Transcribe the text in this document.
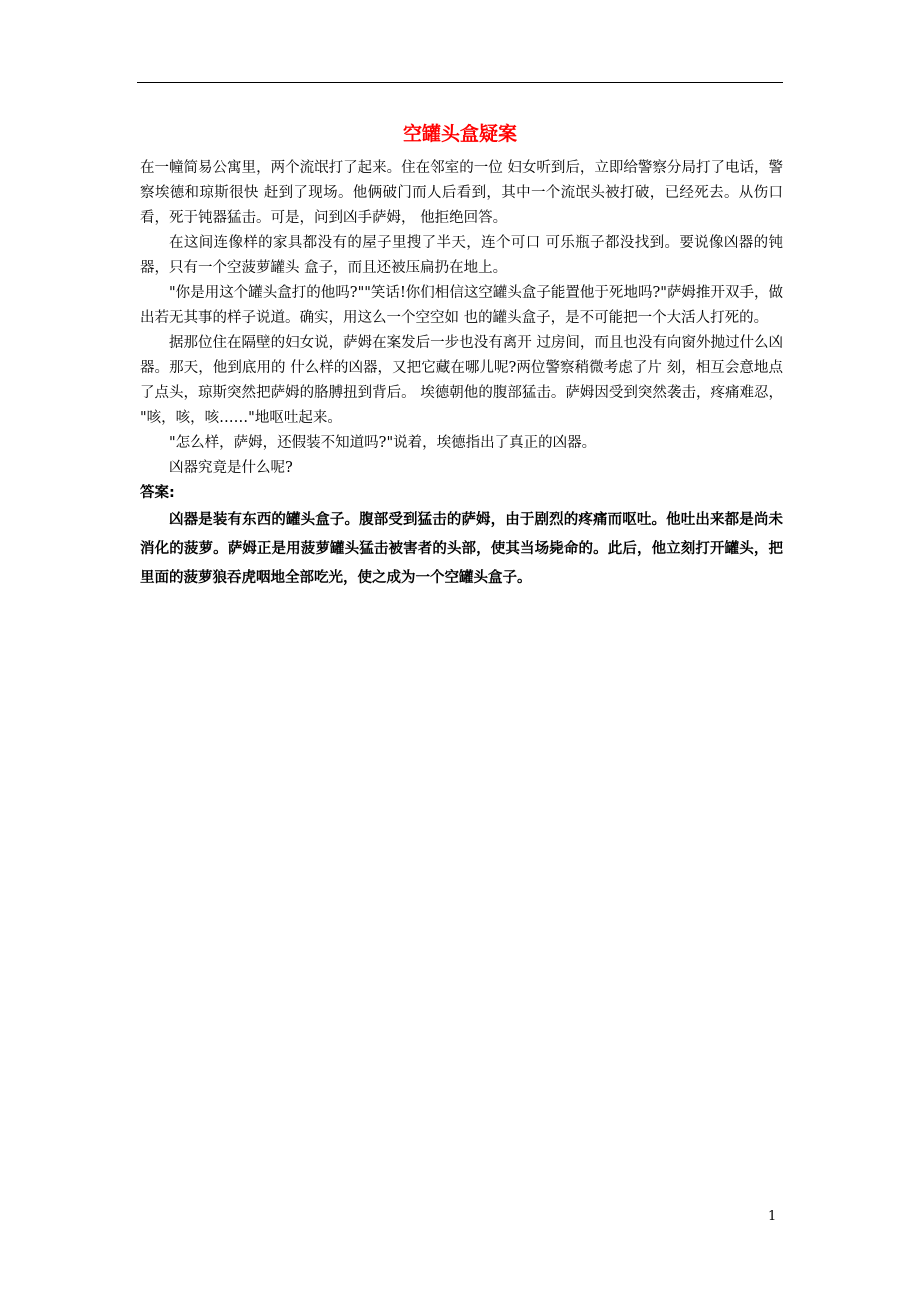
空罐头盒疑案

在一幢简易公寓里，两个流氓打了起来。住在邻室的一位 妇女听到后，立即给警察分局打了电话，警察埃德和琼斯很快 赶到了现场。他俩破门而人后看到，其中一个流氓头被打破，已经死去。从伤口看，死于钝器猛击。可是，问到凶手萨姆， 他拒绝回答。

在这间连像样的家具都没有的屋子里搜了半天，连个可口 可乐瓶子都没找到。要说像凶器的钝器，只有一个空菠萝罐头 盒子，而且还被压扁扔在地上。

"你是用这个罐头盒打的他吗?""笑话!你们相信这空罐头盒子能置他于死地吗?"萨姆推开双手，做出若无其事的样子说道。确实，用这么一个空空如 也的罐头盒子，是不可能把一个大活人打死的。

据那位住在隔壁的妇女说，萨姆在案发后一步也没有离开 过房间，而且也没有向窗外抛过什么凶器。那天，他到底用的 什么样的凶器，又把它藏在哪儿呢?两位警察稍微考虑了片 刻，相互会意地点了点头，琼斯突然把萨姆的胳膊扭到背后。 埃德朝他的腹部猛击。萨姆因受到突然袭击，疼痛难忍， "咳，咳，咳……"地呕吐起来。

"怎么样，萨姆，还假装不知道吗?"说着，埃德指出了真正的凶器。

凶器究竟是什么呢?

答案:

凶器是装有东西的罐头盒子。腹部受到猛击的萨姆，由于剧烈的疼痛而呕吐。他吐出来都是尚未消化的菠萝。萨姆正是用菠萝罐头猛击被害者的头部，使其当场毙命的。此后，他立刻打开罐头，把里面的菠萝狼吞虎咽地全部吃光，使之成为一个空罐头盒子。

1
